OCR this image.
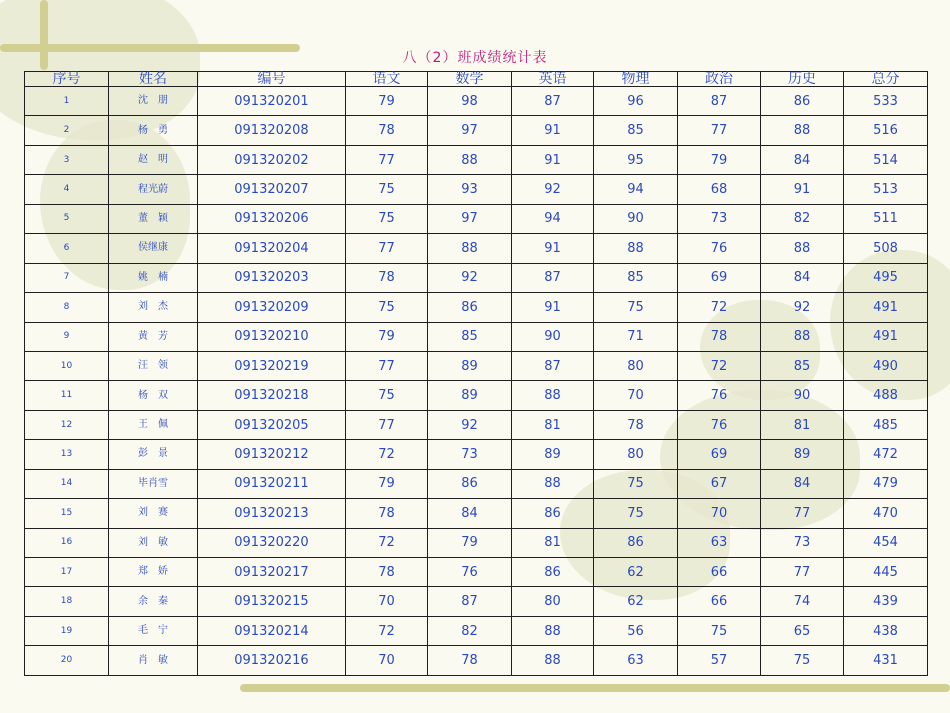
八（2）班成绩统计表
序号	姓名	编号	语文	数学	英语	物理	政治	历史	总分
1	沈　朋	091320201	79	98	87	96	87	86	533
2	杨　勇	091320208	78	97	91	85	77	88	516
3	赵　明	091320202	77	88	91	95	79	84	514
4	程光蔚	091320207	75	93	92	94	68	91	513
5	董　颖	091320206	75	97	94	90	73	82	511
6	侯继康	091320204	77	88	91	88	76	88	508
7	姚　楠	091320203	78	92	87	85	69	84	495
8	刘　杰	091320209	75	86	91	75	72	92	491
9	黄　芳	091320210	79	85	90	71	78	88	491
10	汪　领	091320219	77	89	87	80	72	85	490
11	杨　双	091320218	75	89	88	70	76	90	488
12	王　佩	091320205	77	92	81	78	76	81	485
13	彭　景	091320212	72	73	89	80	69	89	472
14	毕肖雪	091320211	79	86	88	75	67	84	479
15	刘　赛	091320213	78	84	86	75	70	77	470
16	刘　敏	091320220	72	79	81	86	63	73	454
17	郑　娇	091320217	78	76	86	62	66	77	445
18	余　秦	091320215	70	87	80	62	66	74	439
19	毛　宁	091320214	72	82	88	56	75	65	438
20	肖　敏	091320216	70	78	88	63	57	75	431
